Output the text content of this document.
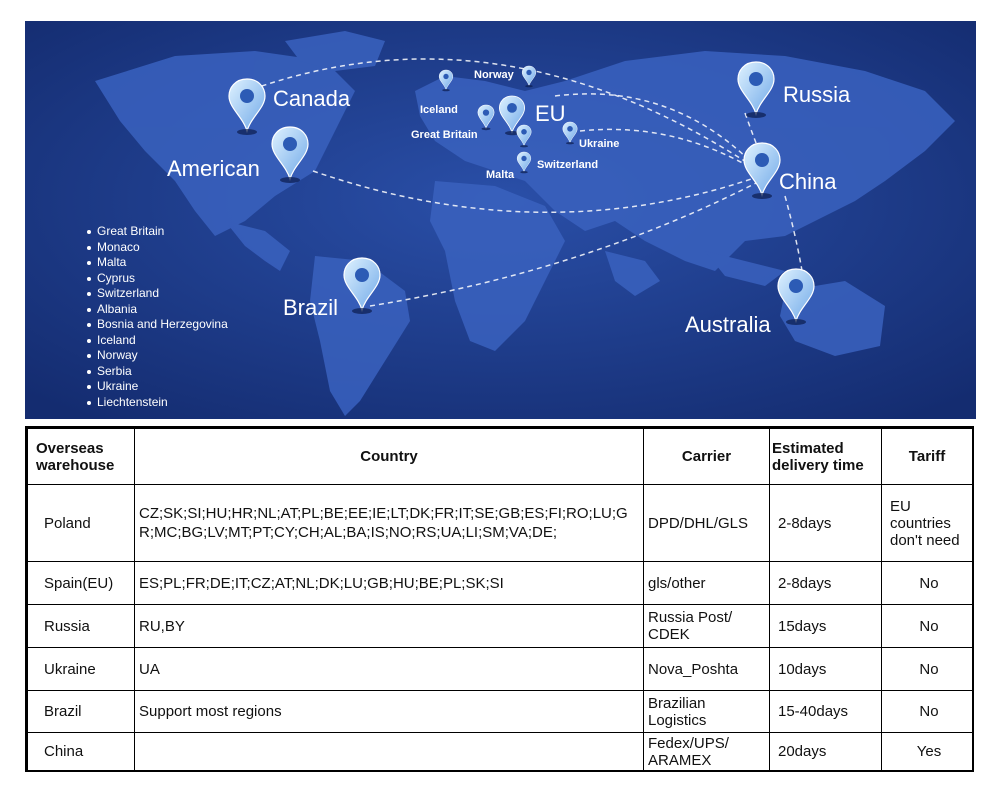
Canada
American
Brazil
Russia
China
Australia
EU
Iceland
Norway
Great Britain
Ukraine
Switzerland
Malta
Great Britain
Monaco
Malta
Cyprus
Switzerland
Albania
Bosnia and Herzegovina
Iceland
Norway
Serbia
Ukraine
Liechtenstein
Overseas warehouse	Country	Carrier	Estimated delivery time	Tariff
Poland	CZ;SK;SI;HU;HR;NL;AT;PL;BE;EE;IE;LT;DK;FR;IT;SE;GB;ES;FI;RO;LU;GR;MC;BG;LV;MT;PT;CY;CH;AL;BA;IS;NO;RS;UA;LI;SM;VA;DE;	DPD/DHL/GLS	2-8days	EU countries don't need
Spain(EU)	ES;PL;FR;DE;IT;CZ;AT;NL;DK;LU;GB;HU;BE;PL;SK;SI	gls/other	2-8days	No
Russia	RU,BY	Russia Post/ CDEK	15days	No
Ukraine	UA	Nova_Poshta	10days	No
Brazil	Support most regions	Brazilian Logistics	15-40days	No
China		Fedex/UPS/ ARAMEX	20days	Yes
